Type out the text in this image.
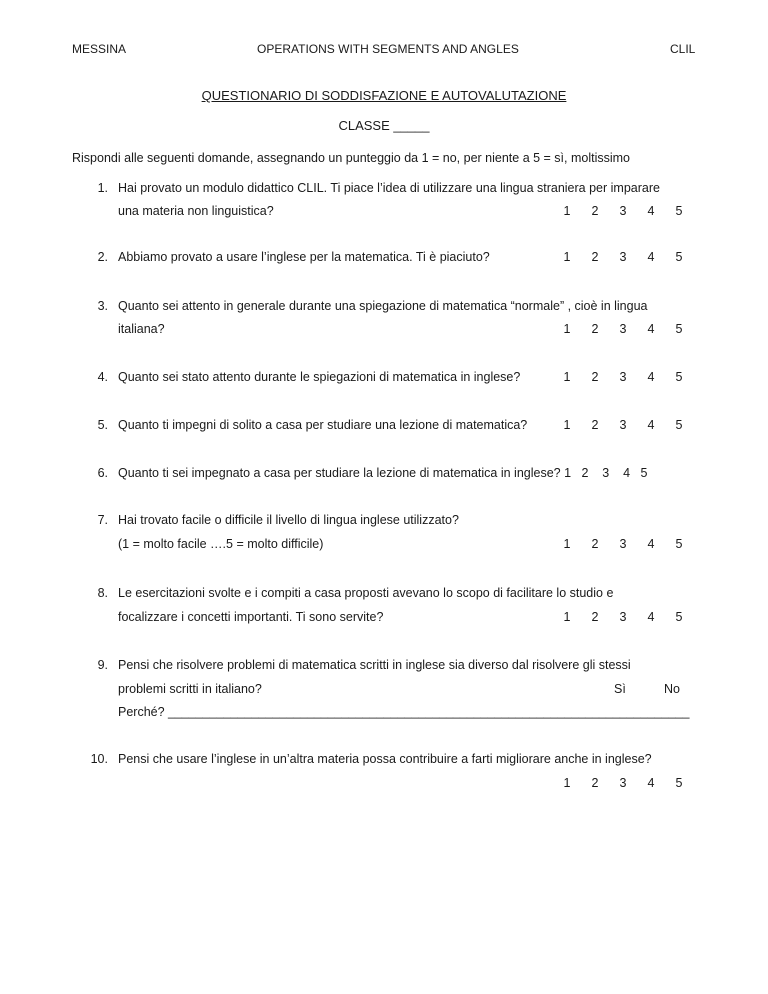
MESSINA	OPERATIONS WITH SEGMENTS AND ANGLES	CLIL
QUESTIONARIO DI SODDISFAZIONE E AUTOVALUTAZIONE
CLASSE _____
Rispondi alle seguenti domande, assegnando un punteggio da 1 = no, per niente a 5 = sì, moltissimo
1. Hai provato un modulo didattico CLIL. Ti piace l’idea di utilizzare una lingua straniera per imparare
una materia non linguistica?	1 2 3 4 5
2. Abbiamo provato a usare l’inglese per la matematica. Ti è piaciuto?	1 2 3 4 5
3. Quanto sei attento in generale durante una spiegazione di matematica “normale” , cioè in lingua
italiana?	1 2 3 4 5
4. Quanto sei stato attento durante le spiegazioni di matematica in inglese?	1 2 3 4 5
5. Quanto ti impegni di solito a casa per studiare una lezione di matematica?	1 2 3 4 5
6. Quanto ti sei impegnato a casa per studiare la lezione di matematica in inglese? 1   2    3    4   5
7. Hai trovato facile o difficile il livello di lingua inglese utilizzato?
(1 = molto facile ….5 = molto difficile)	1 2 3 4 5
8. Le esercitazioni svolte e i compiti a casa proposti avevano lo scopo di facilitare lo studio e
focalizzare i concetti importanti. Ti sono servite?	1 2 3 4 5
9. Pensi che risolvere problemi di matematica scritti in inglese sia diverso dal risolvere gli stessi
problemi scritti in italiano?	Sì	No
Perché? ___________________________________________________________________________
10. Pensi che usare l’inglese in un’altra materia possa contribuire a farti migliorare anche in inglese?
1 2 3 4 5
